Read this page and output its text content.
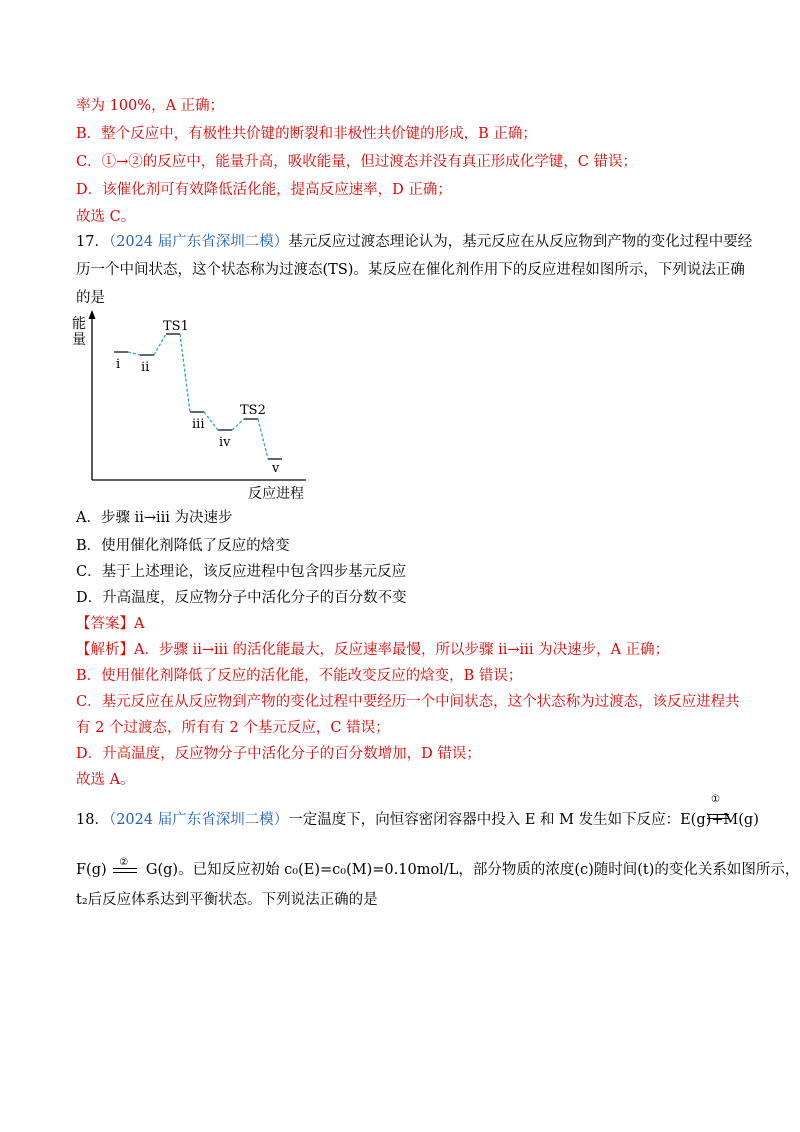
率为 100%，A 正确；
B．整个反应中，有极性共价键的断裂和非极性共价键的形成，B 正确；
C．①→②的反应中，能量升高，吸收能量，但过渡态并没有真正形成化学键，C 错误；
D．该催化剂可有效降低活化能，提高反应速率，D 正确；
故选 C。
17．（2024 届广东省深圳二模）基元反应过渡态理论认为，基元反应在从反应物到产物的变化过程中要经
历一个中间状态，这个状态称为过渡态(TS)。某反应在催化剂作用下的反应进程如图所示，下列说法正确
的是
能
量
反应进程
i ii
TS1
iii
iv
TS2
v
A．步骤 ii→iii 为决速步
B．使用催化剂降低了反应的焓变
C．基于上述理论，该反应进程中包含四步基元反应
D．升高温度，反应物分子中活化分子的百分数不变
【答案】A
【解析】A．步骤 ii→iii 的活化能最大，反应速率最慢，所以步骤 ii→iii 为决速步，A 正确；
B．使用催化剂降低了反应的活化能，不能改变反应的焓变，B 错误；
C．基元反应在从反应物到产物的变化过程中要经历一个中间状态，这个状态称为过渡态，该反应进程共
有 2 个过渡态，所有有 2 个基元反应，C 错误；
D．升高温度，反应物分子中活化分子的百分数增加，D 错误；
故选 A。
18．（2024 届广东省深圳二模）一定温度下，向恒容密闭容器中投入 E 和 M 发生如下反应：E(g)+M(g)
①
F(g) ② G(g)。已知反应初始 c₀(E)=c₀(M)=0.10mol/L，部分物质的浓度(c)随时间(t)的变化关系如图所示，
t₂后反应体系达到平衡状态。下列说法正确的是
